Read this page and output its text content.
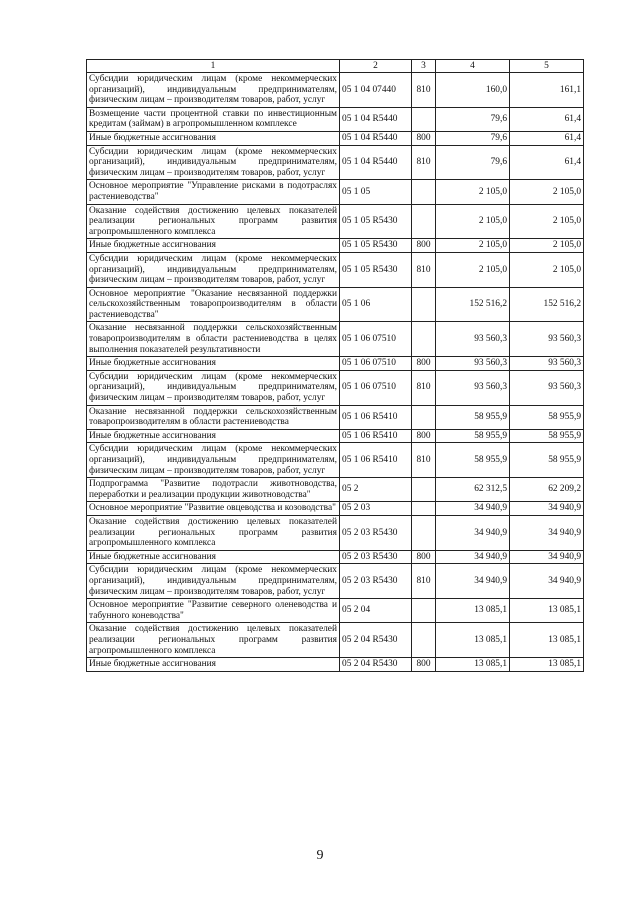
1	2	3	4	5
Субсидии юридическим лицам (кроме некоммерческих организаций), индивидуальным предпринимателям, физическим лицам – производителям товаров, работ, услуг	05 1 04 07440	810	160,0	161,1
Возмещение части процентной ставки по инвестиционным кредитам (займам) в агропромышленном комплексе	05 1 04 R5440		79,6	61,4
Иные бюджетные ассигнования	05 1 04 R5440	800	79,6	61,4
Субсидии юридическим лицам (кроме некоммерческих организаций), индивидуальным предпринимателям, физическим лицам – производителям товаров, работ, услуг	05 1 04 R5440	810	79,6	61,4
Основное мероприятие "Управление рисками в подотраслях растениеводства"	05 1 05		2 105,0	2 105,0
Оказание содействия достижению целевых показателей реализации региональных программ развития агропромышленного комплекса	05 1 05 R5430		2 105,0	2 105,0
Иные бюджетные ассигнования	05 1 05 R5430	800	2 105,0	2 105,0
Субсидии юридическим лицам (кроме некоммерческих организаций), индивидуальным предпринимателям, физическим лицам – производителям товаров, работ, услуг	05 1 05 R5430	810	2 105,0	2 105,0
Основное мероприятие "Оказание несвязанной поддержки сельскохозяйственным товаропроизводителям в области растениеводства"	05 1 06		152 516,2	152 516,2
Оказание несвязанной поддержки сельскохозяйственным товаропроизводителям в области растениеводства в целях выполнения показателей результативности	05 1 06 07510		93 560,3	93 560,3
Иные бюджетные ассигнования	05 1 06 07510	800	93 560,3	93 560,3
Субсидии юридическим лицам (кроме некоммерческих организаций), индивидуальным предпринимателям, физическим лицам – производителям товаров, работ, услуг	05 1 06 07510	810	93 560,3	93 560,3
Оказание несвязанной поддержки сельскохозяйственным товаропроизводителям в области растениеводства	05 1 06 R5410		58 955,9	58 955,9
Иные бюджетные ассигнования	05 1 06 R5410	800	58 955,9	58 955,9
Субсидии юридическим лицам (кроме некоммерческих организаций), индивидуальным предпринимателям, физическим лицам – производителям товаров, работ, услуг	05 1 06 R5410	810	58 955,9	58 955,9
Подпрограмма "Развитие подотрасли животноводства, переработки и реализации продукции животноводства"	05 2		62 312,5	62 209,2
Основное мероприятие "Развитие овцеводства и козоводства"	05 2 03		34 940,9	34 940,9
Оказание содействия достижению целевых показателей реализации региональных программ развития агропромышленного комплекса	05 2 03 R5430		34 940,9	34 940,9
Иные бюджетные ассигнования	05 2 03 R5430	800	34 940,9	34 940,9
Субсидии юридическим лицам (кроме некоммерческих организаций), индивидуальным предпринимателям, физическим лицам – производителям товаров, работ, услуг	05 2 03 R5430	810	34 940,9	34 940,9
Основное мероприятие "Развитие северного оленеводства и табунного коневодства"	05 2 04		13 085,1	13 085,1
Оказание содействия достижению целевых показателей реализации региональных программ развития агропромышленного комплекса	05 2 04 R5430		13 085,1	13 085,1
Иные бюджетные ассигнования	05 2 04 R5430	800	13 085,1	13 085,1
9
